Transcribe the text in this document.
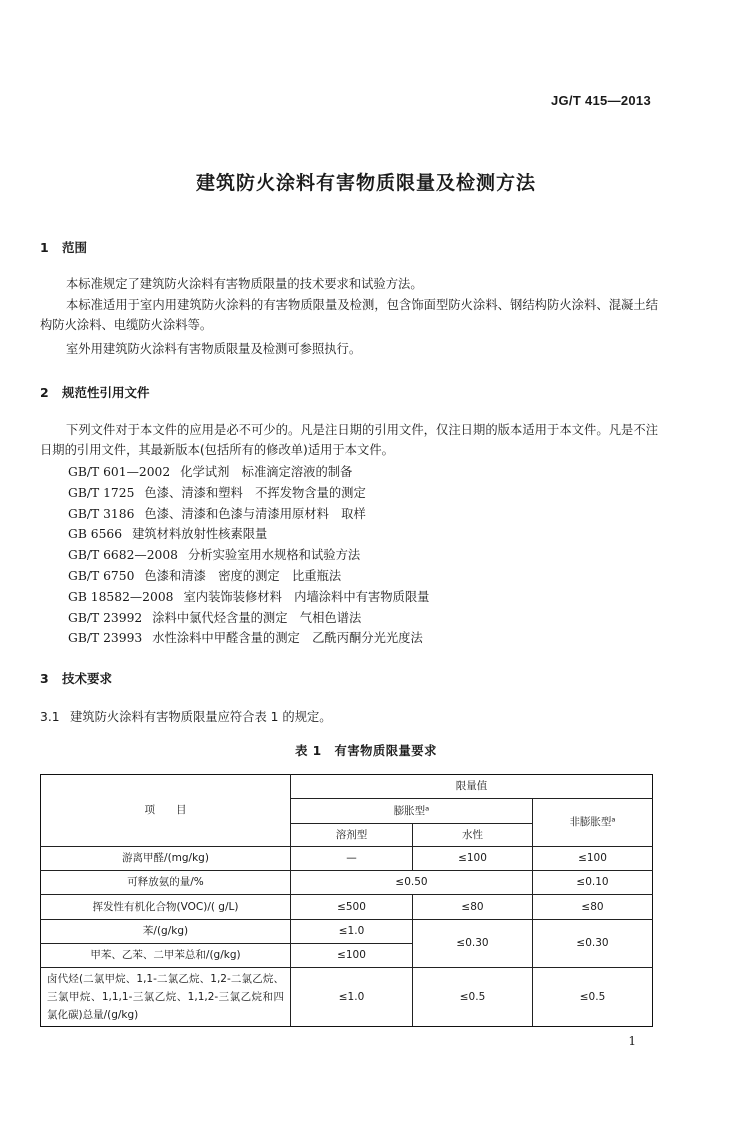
JG/T 415—2013
建筑防火涂料有害物质限量及检测方法
1 范围
本标准规定了建筑防火涂料有害物质限量的技术要求和试验方法。
本标准适用于室内用建筑防火涂料的有害物质限量及检测，包含饰面型防火涂料、钢结构防火涂料、混凝土结构防火涂料、电缆防火涂料等。
室外用建筑防火涂料有害物质限量及检测可参照执行。
2 规范性引用文件
下列文件对于本文件的应用是必不可少的。凡是注日期的引用文件，仅注日期的版本适用于本文件。凡是不注日期的引用文件，其最新版本(包括所有的修改单)适用于本文件。
GB/T 601—2002 化学试剂　标准滴定溶液的制备
GB/T 1725 色漆、清漆和塑料　不挥发物含量的测定
GB/T 3186 色漆、清漆和色漆与清漆用原材料　取样
GB 6566 建筑材料放射性核素限量
GB/T 6682—2008 分析实验室用水规格和试验方法
GB/T 6750 色漆和清漆　密度的测定　比重瓶法
GB 18582—2008 室内装饰装修材料　内墙涂料中有害物质限量
GB/T 23992 涂料中氯代烃含量的测定　气相色谱法
GB/T 23993 水性涂料中甲醛含量的测定　乙酰丙酮分光光度法
3 技术要求
3.1 建筑防火涂料有害物质限量应符合表 1 的规定。
表 1　有害物质限量要求
项　　目	限量值		
	膨胀型ᵃ		非膨胀型ᵃ
	溶剂型	水性	
游离甲醛/(mg/kg)	—	≤100	≤100
可释放氨的量/%	≤0.50		≤0.10
挥发性有机化合物(VOC)/( g/L)	≤500	≤80	≤80
苯/(g/kg)	≤1.0	≤0.30	≤0.30
甲苯、乙苯、二甲苯总和/(g/kg)	≤100		
卤代烃(二氯甲烷、1,1-二氯乙烷、1,2-二氯乙烷、三氯甲烷、1,1,1-三氯乙烷、1,1,2-三氯乙烷和四氯化碳)总量/(g/kg)	≤1.0	≤0.5	≤0.5
1
